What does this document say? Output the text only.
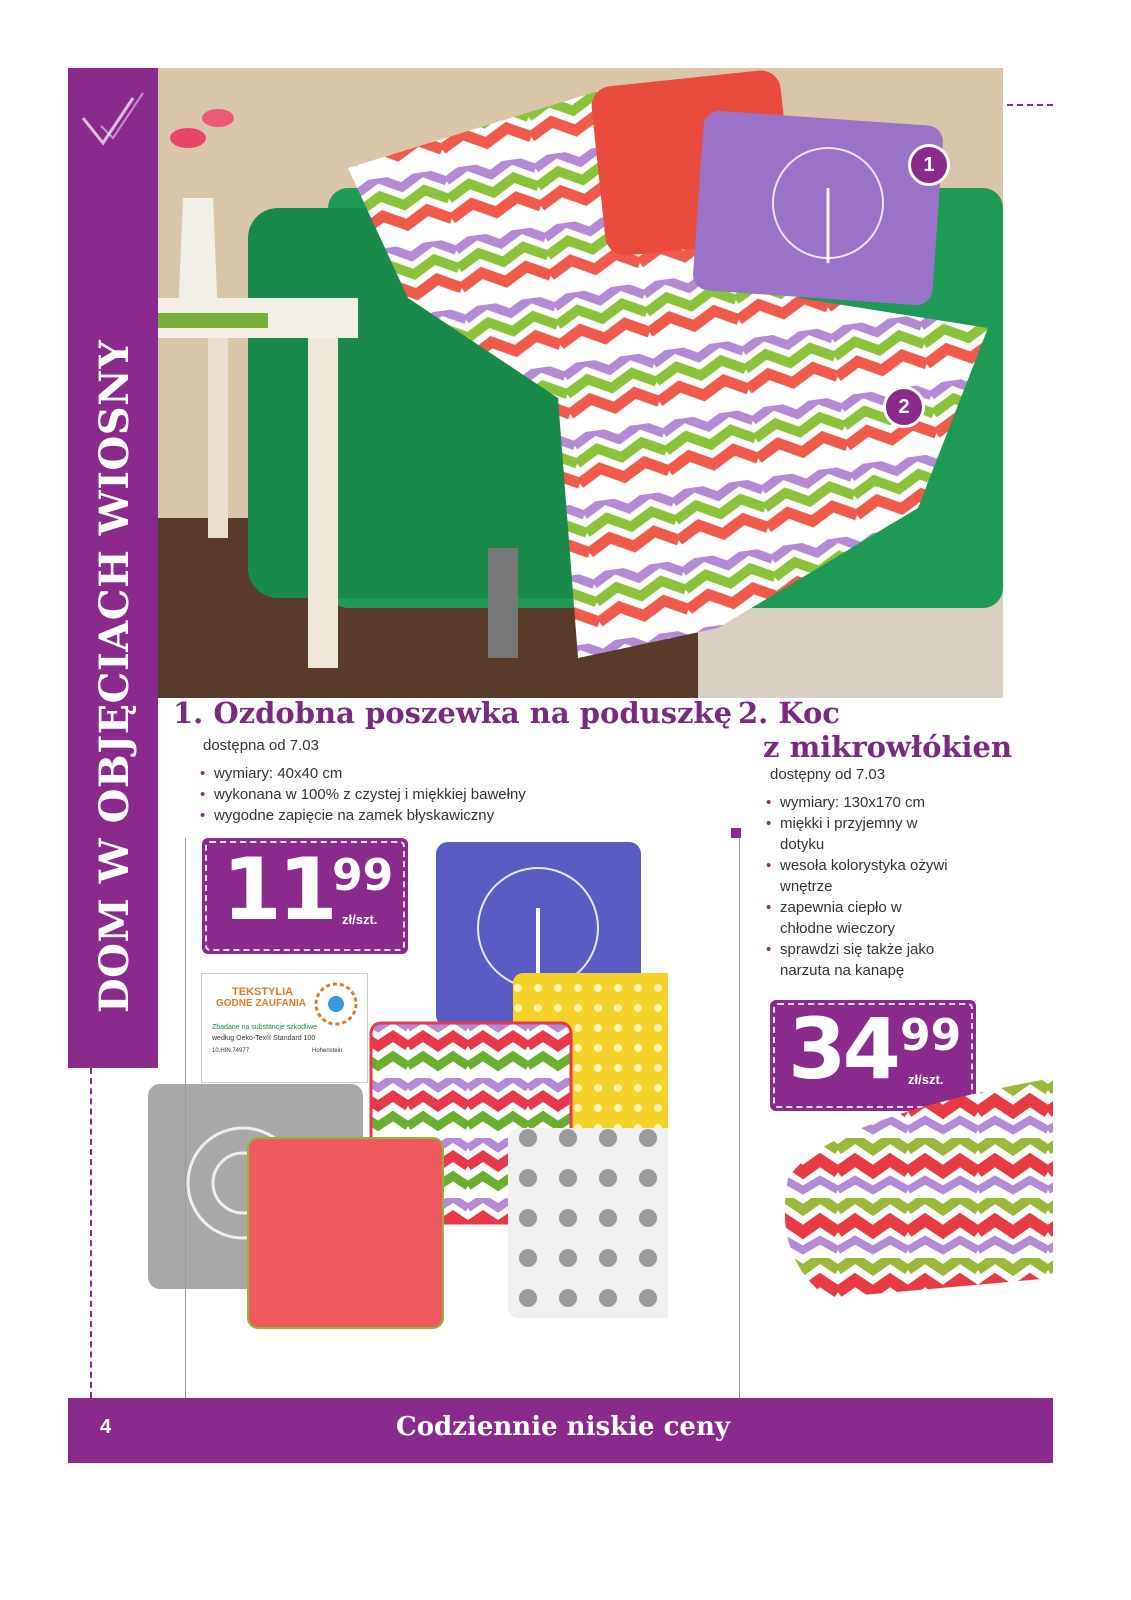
DOM W OBJĘCIACH WIOSNY
1
2
1. Ozdobna poszewka na poduszkę
dostępna od 7.03
• wymiary: 40x40 cm
• wykonana w 100% z czystej i miękkiej bawełny
• wygodne zapięcie na zamek błyskawiczny
11
99
zł/szt.
TEKSTYLIA
GODNE ZAUFANIA
Zbadane na substancje szkodliwe
według Oeko-Tex® Standard 100
10.HIN.74977	Hohenstein
2. Koc
z mikrowłókien
dostępny od 7.03
• wymiary: 130x170 cm
• miękki i przyjemny w dotyku
• wesoła kolorystyka ożywi wnętrze
• zapewnia ciepło w chłodne wieczory
• sprawdzi się także jako narzuta na kanapę
34 99
zł/szt.
4	Codziennie niskie ceny
